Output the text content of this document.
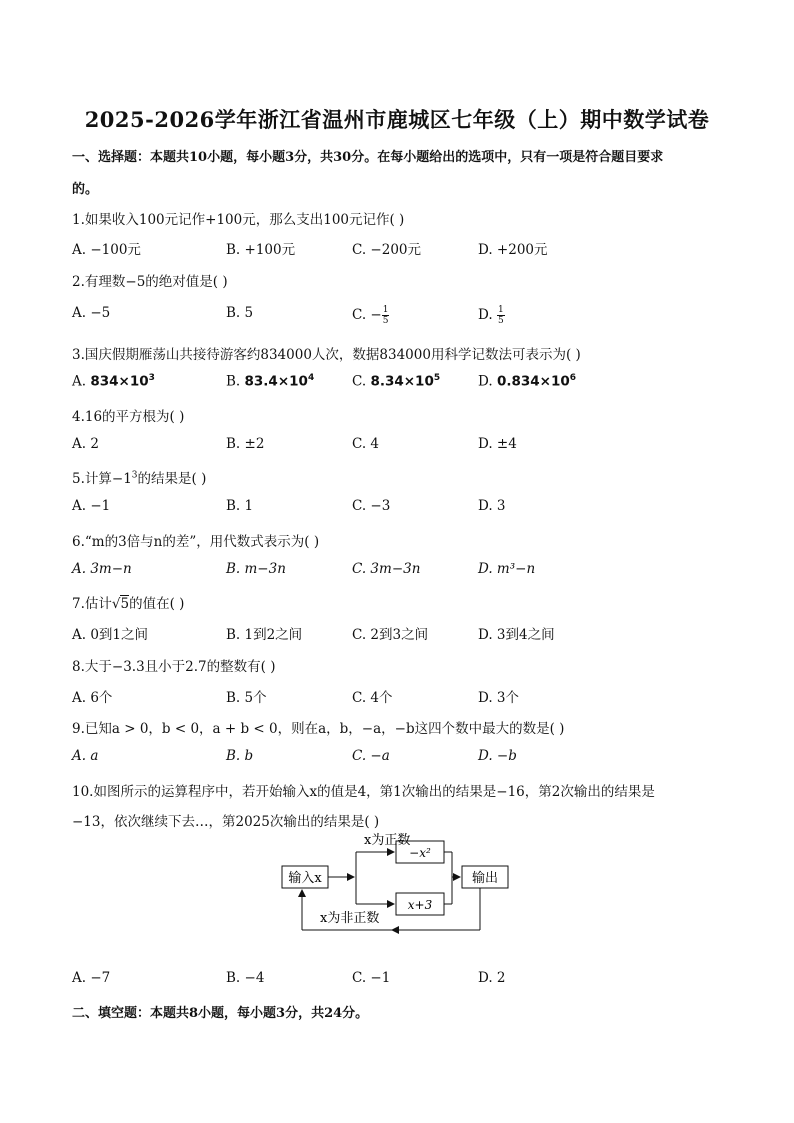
2025-2026学年浙江省温州市鹿城区七年级（上）期中数学试卷
一、选择题：本题共10小题，每小题3分，共30分。在每小题给出的选项中，只有一项是符合题目要求
的。
1.如果收入100元记作+100元，那么支出100元记作( )
A. −100元	B. +100元	C. −200元	D. +200元
2.有理数−5的绝对值是( )
A. −5	B. 5	C. − $\frac{1}{5}$	D. $\frac{1}{5}$
3.国庆假期雁荡山共接待游客约834000人次，数据834000用科学记数法可表示为( )
A. $834\times 10^3$	B. $83.4\times 10^4$	C. $8.34\times 10^5$	D. $0.834\times 10^6$
4.16的平方根为( )
A. 2	B. ±2	C. 4	D. ±4
5.计算$-1^3$的结果是( )
A. −1	B. 1	C. −3	D. 3
6.“m的3倍与n的差”，用代数式表示为( )
A. 3m−n	B. m−3n	C. 3m−3n	D. m³−n
7.估计√5的值在( )
A. 0到1之间	B. 1到2之间	C. 2到3之间	D. 3到4之间
8.大于−3.3且小于2.7的整数有( )
A. 6个	B. 5个	C. 4个	D. 3个
9.已知a > 0，b < 0，a + b < 0，则在a，b，−a，−b这四个数中最大的数是( )
A. a	B. b	C. −a	D. −b
10.如图所示的运算程序中，若开始输入x的值是4，第1次输出的结果是−16，第2次输出的结果是
−13，依次继续下去…，第2025次输出的结果是( )
输入x
x为正数
x为非正数
−x²
x+3
输出
A. −7	B. −4	C. −1	D. 2
二、填空题：本题共8小题，每小题3分，共24分。
